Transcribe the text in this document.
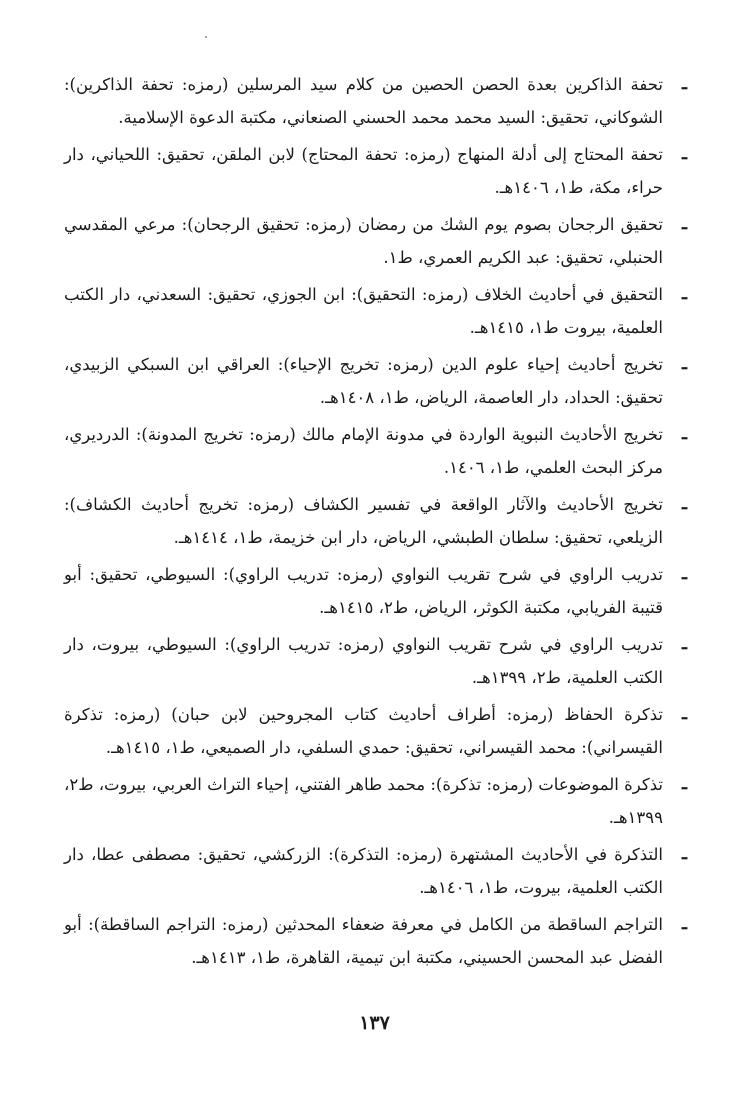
ـ
تحفة الذاكرين بعدة الحصن الحصين من كلام سيد المرسلين (رمزه: تحفة الذاكرين): الشوكاني، تحقيق: السيد محمد محمد الحسني الصنعاني، مكتبة الدعوة الإسلامية.
ـ
تحفة المحتاج إلى أدلة المنهاج (رمزه: تحفة المحتاج) لابن الملقن، تحقيق: اللحياني، دار حراء، مكة، ط١، ١٤٠٦هـ.
ـ
تحقيق الرجحان بصوم يوم الشك من رمضان (رمزه: تحقيق الرجحان): مرعي المقدسي الحنبلي، تحقيق: عبد الكريم العمري، ط١.
ـ
التحقيق في أحاديث الخلاف (رمزه: التحقيق): ابن الجوزي، تحقيق: السعدني، دار الكتب العلمية، بيروت ط١، ١٤١٥هـ.
ـ
تخريج أحاديث إحياء علوم الدين (رمزه: تخريج الإحياء): العراقي ابن السبكي الزبيدي، تحقيق: الحداد، دار العاصمة، الرياض، ط١، ١٤٠٨هـ.
ـ
تخريج الأحاديث النبوية الواردة في مدونة الإمام مالك (رمزه: تخريج المدونة): الدرديري، مركز البحث العلمي، ط١، ١٤٠٦.
ـ
تخريج الأحاديث والآثار الواقعة في تفسير الكشاف (رمزه: تخريج أحاديث الكشاف): الزيلعي، تحقيق: سلطان الطبشي، الرياض، دار ابن خزيمة، ط١، ١٤١٤هـ.
ـ
تدريب الراوي في شرح تقريب النواوي (رمزه: تدريب الراوي): السيوطي، تحقيق: أبو قتيبة الفريابي، مكتبة الكوثر، الرياض، ط٢، ١٤١٥هـ.
ـ
تدريب الراوي في شرح تقريب النواوي (رمزه: تدريب الراوي): السيوطي، بيروت، دار الكتب العلمية، ط٢، ١٣٩٩هـ.
ـ
تذكرة الحفاظ (رمزه: أطراف أحاديث كتاب المجروحين لابن حبان) (رمزه: تذكرة القيسراني): محمد القيسراني، تحقيق: حمدي السلفي، دار الصميعي، ط١، ١٤١٥هـ.
ـ
تذكرة الموضوعات (رمزه: تذكرة): محمد طاهر الفتني، إحياء التراث العربي، بيروت، ط٢، ١٣٩٩هـ.
ـ
التذكرة في الأحاديث المشتهرة (رمزه: التذكرة): الزركشي، تحقيق: مصطفى عطا، دار الكتب العلمية، بيروت، ط١، ١٤٠٦هـ.
ـ
التراجم الساقطة من الكامل في معرفة ضعفاء المحدثين (رمزه: التراجم الساقطة): أبو الفضل عبد المحسن الحسيني، مكتبة ابن تيمية، القاهرة، ط١، ١٤١٣هـ.
١٣٧
